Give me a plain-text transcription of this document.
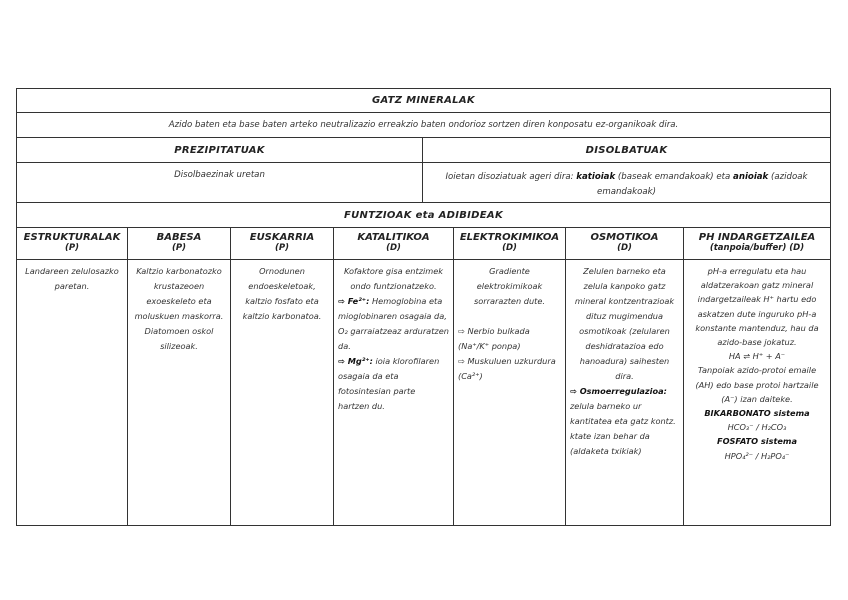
GATZ MINERALAK
Azido baten eta base baten arteko neutralizazio erreakzio baten ondorioz sortzen diren konposatu ez-organikoak dira.
PREZIPITATUAK	DISOLBATUAK
Disolbaezinak uretan	Ioietan disoziatuak ageri dira: katioiak (baseak emandakoak) eta anioiak (azidoak emandakoak)
FUNTZIOAK eta ADIBIDEAK
ESTRUKTURALAK
(P)
BABESA
(P)
EUSKARRIA
(P)
KATALITIKOA
(D)
ELEKTROKIMIKOA
(D)
OSMOTIKOA
(D)
PH INDARGETZAILEA
(tanpoia/buffer) (D)

Landareen zelulosazko paretan.

Kaltzio karbonatozko krustazeoen exoeskeleto eta moluskuen maskorra. Diatomoen oskol silizeoak.

Ornodunen endoeskeletoak, kaltzio fosfato eta kaltzio karbonatoa.

Kofaktore gisa entzimek ondo funtzionatzeko.

⇨ Fe²⁺: Hemoglobina eta mioglobinaren osagaia da, O₂ garraiatzeaz arduratzen da.

⇨ Mg²⁺: ioia klorofilaren osagaia da eta fotosintesian parte hartzen du.

Gradiente elektrokimikoak sorrarazten dute.

⇨ Nerbio bulkada (Na⁺/K⁺ ponpa)

⇨ Muskuluen uzkurdura (Ca²⁺)

Zelulen barneko eta zelula kanpoko gatz mineral kontzentrazioak dituz mugimendua osmotikoak (zelularen deshidratazioa edo hanoadura) saihesten dira.

⇨ Osmoerregulazioa: zelula barneko ur kantitatea eta gatz kontz. ktate izan behar da (aldaketa txikiak)

pH-a erregulatu eta hau aldatzerakoan gatz mineral indargetzaileak H⁺ hartu edo askatzen dute inguruko pH-a konstante mantenduz, hau da azido-base jokatuz.

HA ⇌ H⁺ + A⁻

Tanpoiak azido-protoi emaile (AH) edo base protoi hartzaile (A⁻) izan daiteke.

BIKARBONATO sistema

HCO₃⁻ / H₂CO₃

FOSFATO sistema

HPO₄²⁻ / H₂PO₄⁻
